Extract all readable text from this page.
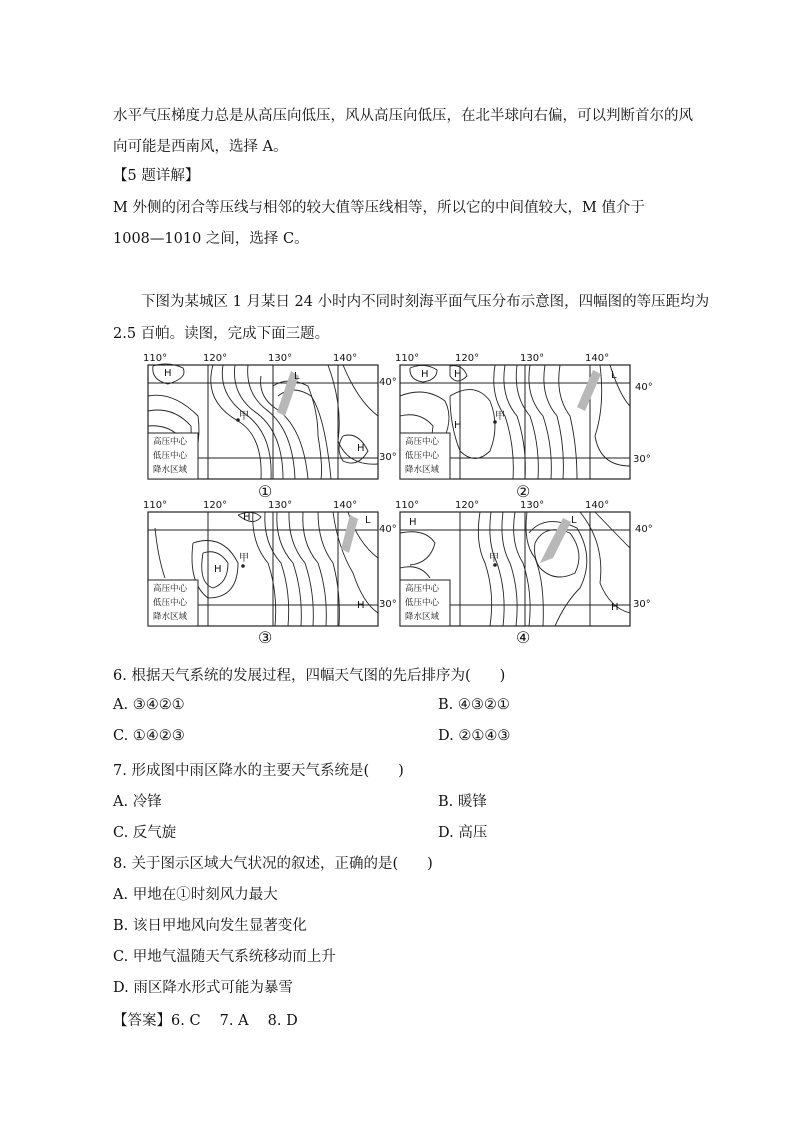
水平气压梯度力总是从高压向低压，风从高压向低压，在北半球向右偏，可以判断首尔的风
向可能是西南风，选择 A。
【5 题详解】
M 外侧的闭合等压线与相邻的较大值等压线相等，所以它的中间值较大，M 值介于
1008—1010 之间，选择 C。
下图为某城区 1 月某日 24 小时内不同时刻海平面气压分布示意图，四幅图的等压距均为
2.5 百帕。读图，完成下面三题。
110°	120°	130°	140°
40°
30°
H
H
L
甲
高压中心
低压中心
降水区域
①
110°	120°	130°	140°
40°
30°
H	H
H
L
甲
高压中心
低压中心
降水区域
②
110°	120°	130°	140°
40°
30°
H
H
H
L
甲
高压中心
低压中心
降水区域
③
110°	120°	130°	140°
40°
30°
H
H
L
甲
高压中心
低压中心
降水区域
④
6. 根据天气系统的发展过程，四幅天气图的先后排序为(　　)
A. ③④②①	B. ④③②①
C. ①④②③	D. ②①④③
7. 形成图中雨区降水的主要天气系统是(　　)
A. 冷锋	B. 暖锋
C. 反气旋	D. 高压
8. 关于图示区域大气状况的叙述，正确的是(　　)
A. 甲地在①时刻风力最大
B. 该日甲地风向发生显著变化
C. 甲地气温随天气系统移动而上升
D. 雨区降水形式可能为暴雪
【答案】6. C　 7. A　 8. D
